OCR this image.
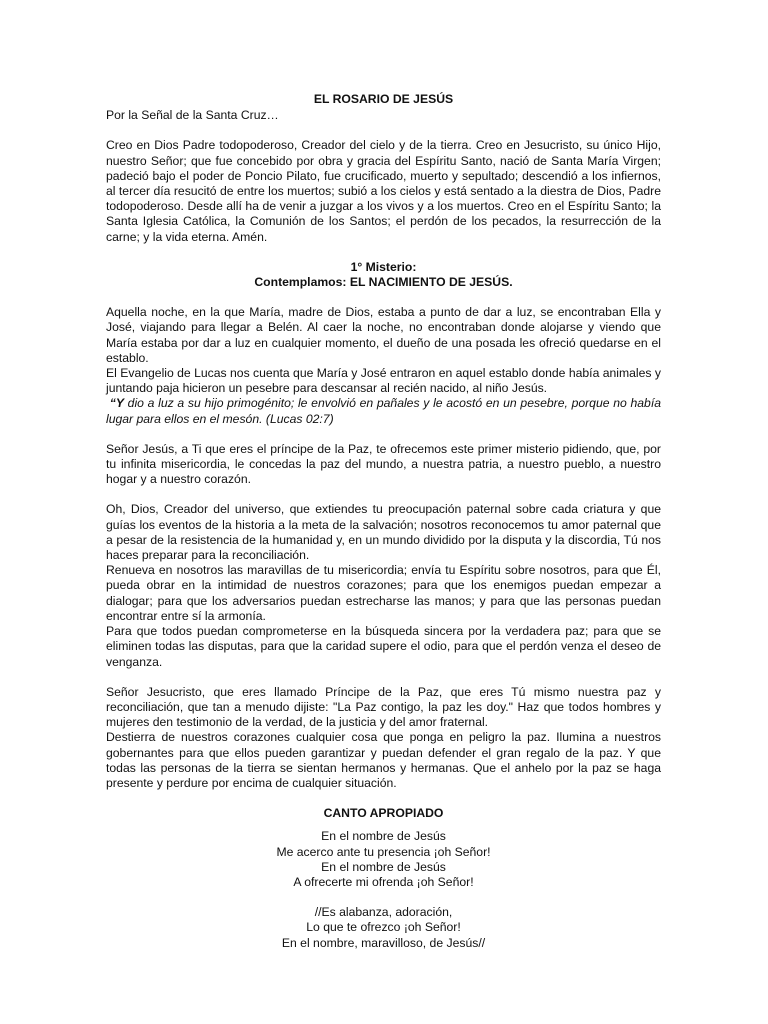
EL ROSARIO DE JESÚS

Por la Señal de la Santa Cruz…

Creo en Dios Padre todopoderoso, Creador del cielo y de la tierra. Creo en Jesucristo, su único Hijo, nuestro Señor; que fue concebido por obra y gracia del Espíritu Santo, nació de Santa María Virgen; padeció bajo el poder de Poncio Pilato, fue crucificado, muerto y sepultado; descendió a los infiernos, al tercer día resucitó de entre los muertos; subió a los cielos y está sentado a la diestra de Dios, Padre todopoderoso. Desde allí ha de venir a juzgar a los vivos y a los muertos. Creo en el Espíritu Santo; la Santa Iglesia Católica, la Comunión de los Santos; el perdón de los pecados, la resurrección de la carne; y la vida eterna. Amén.

1° Misterio:

Contemplamos: EL NACIMIENTO DE JESÚS.

Aquella noche, en la que María, madre de Dios, estaba a punto de dar a luz, se encontraban Ella y José, viajando para llegar a Belén. Al caer la noche, no encontraban donde alojarse y viendo que María estaba por dar a luz en cualquier momento, el dueño de una posada les ofreció quedarse en el establo.

El Evangelio de Lucas nos cuenta que María y José entraron en aquel establo donde había animales y juntando paja hicieron un pesebre para descansar al recién nacido, al niño Jesús.

“Y dio a luz a su hijo primogénito; le envolvió en pañales y le acostó en un pesebre, porque no había lugar para ellos en el mesón. (Lucas 02:7)

Señor Jesús, a Ti que eres el príncipe de la Paz, te ofrecemos este primer misterio pidiendo, que, por tu infinita misericordia, le concedas la paz del mundo, a nuestra patria, a nuestro pueblo, a nuestro hogar y a nuestro corazón.

Oh, Dios, Creador del universo, que extiendes tu preocupación paternal sobre cada criatura y que guías los eventos de la historia a la meta de la salvación; nosotros reconocemos tu amor paternal que a pesar de la resistencia de la humanidad y, en un mundo dividido por la disputa y la discordia, Tú nos haces preparar para la reconciliación.

Renueva en nosotros las maravillas de tu misericordia; envía tu Espíritu sobre nosotros, para que Él, pueda obrar en la intimidad de nuestros corazones; para que los enemigos puedan empezar a dialogar; para que los adversarios puedan estrecharse las manos; y para que las personas puedan encontrar entre sí la armonía.

Para que todos puedan comprometerse en la búsqueda sincera por la verdadera paz; para que se eliminen todas las disputas, para que la caridad supere el odio, para que el perdón venza el deseo de venganza.

Señor Jesucristo, que eres llamado Príncipe de la Paz, que eres Tú mismo nuestra paz y reconciliación, que tan a menudo dijiste: "La Paz contigo, la paz les doy." Haz que todos hombres y mujeres den testimonio de la verdad, de la justicia y del amor fraternal.

Destierra de nuestros corazones cualquier cosa que ponga en peligro la paz. Ilumina a nuestros gobernantes para que ellos pueden garantizar y puedan defender el gran regalo de la paz. Y que todas las personas de la tierra se sientan hermanos y hermanas. Que el anhelo por la paz se haga presente y perdure por encima de cualquier situación.

CANTO APROPIADO

En el nombre de Jesús

Me acerco ante tu presencia ¡oh Señor!

En el nombre de Jesús

A ofrecerte mi ofrenda ¡oh Señor!

//Es alabanza, adoración,

Lo que te ofrezco ¡oh Señor!

En el nombre, maravilloso, de Jesús//
